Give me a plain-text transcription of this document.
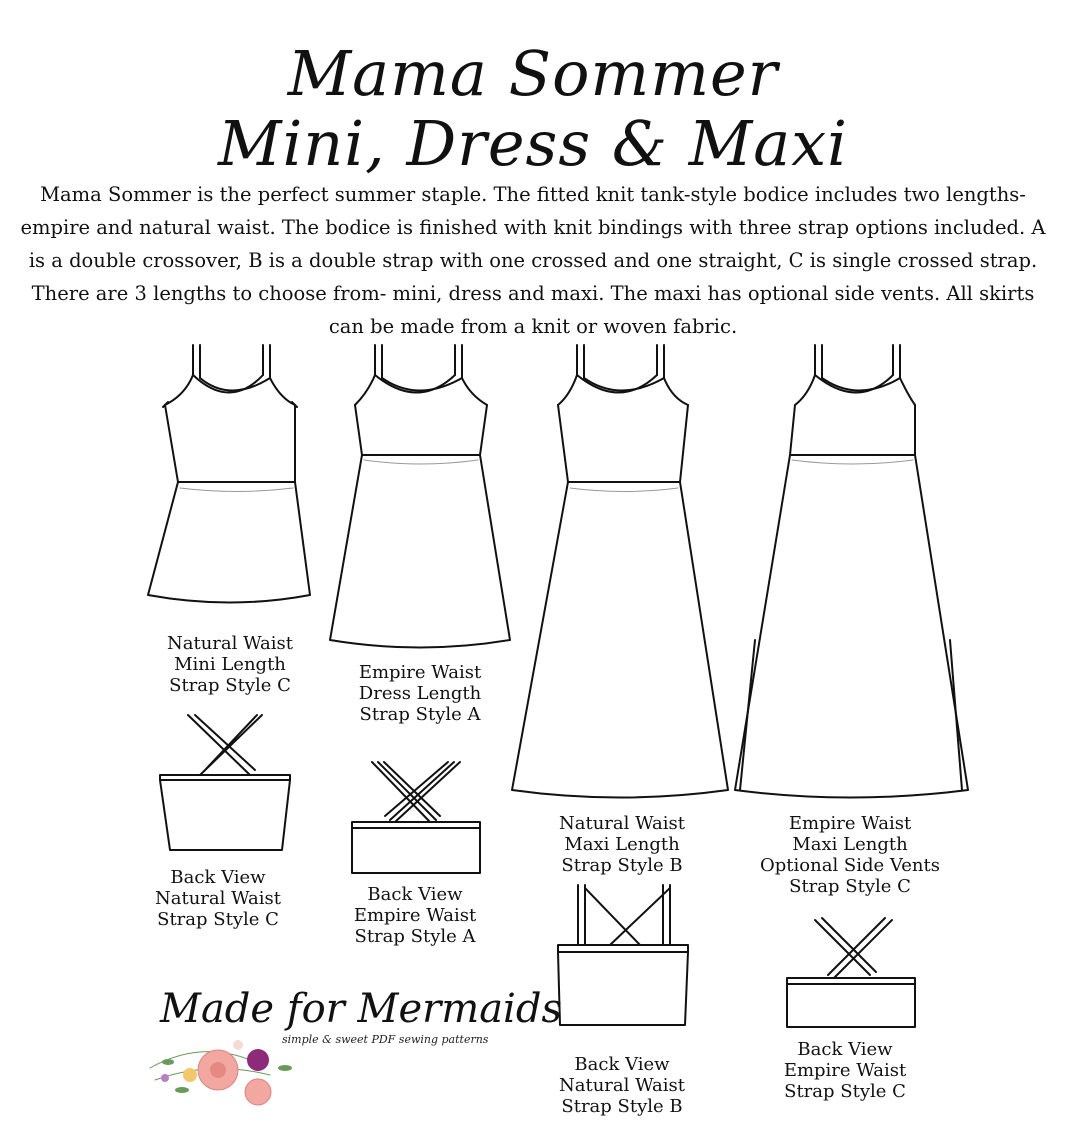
Mama Sommer
Mini, Dress & Maxi
Mama Sommer is the perfect summer staple. The fitted knit tank-style bodice includes two lengths- empire and natural waist. The bodice is finished with knit bindings with three strap options included. A is a double crossover, B is a double strap with one crossed and one straight, C is single crossed strap. There are 3 lengths to choose from- mini, dress and maxi. The maxi has optional side vents. All skirts can be made from a knit or woven fabric.
Natural Waist
Mini Length
Strap Style C
Empire Waist
Dress Length
Strap Style A
Natural Waist
Maxi Length
Strap Style B
Empire Waist
Maxi Length
Optional Side Vents
Strap Style C
Back View
Natural Waist
Strap Style C
Back View
Empire Waist
Strap Style A
Back View
Natural Waist
Strap Style B
Back View
Empire Waist
Strap Style C
Made for Mermaids
simple & sweet PDF sewing patterns
